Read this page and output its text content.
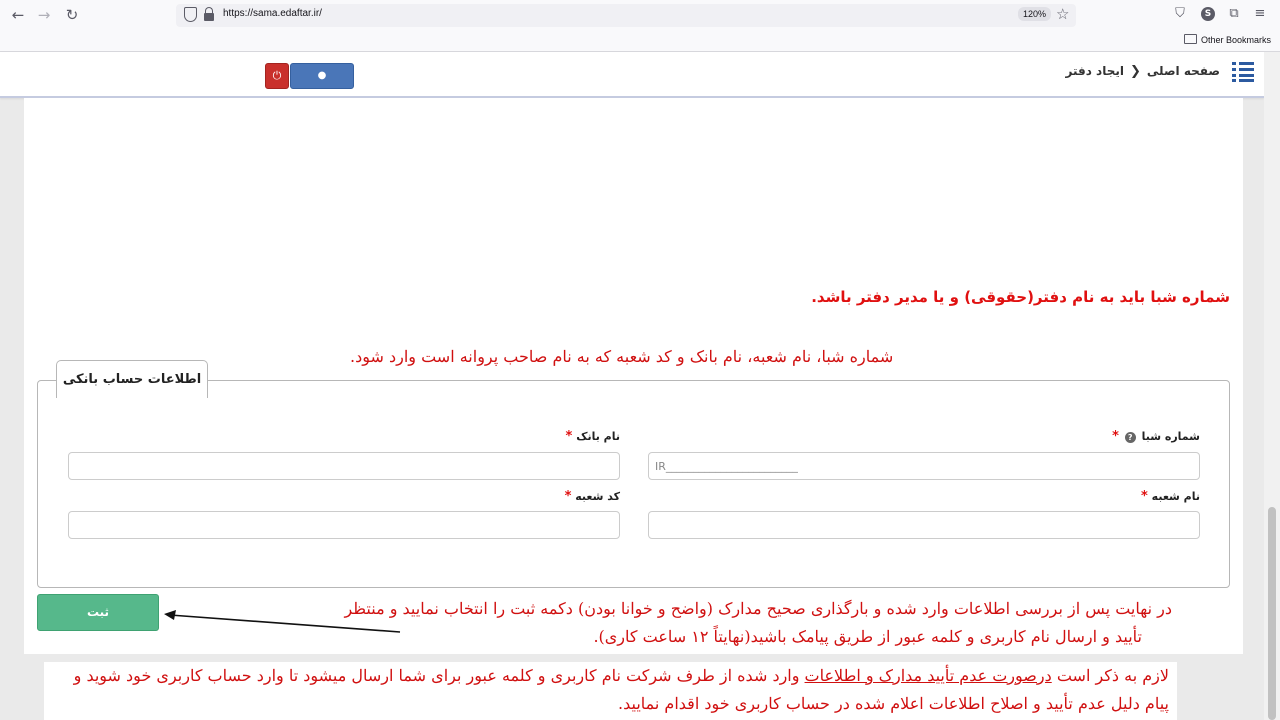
← → ↻	https://sama.edaftar.ir/	120% ☆	⛉	S ⧉ ≡
Other Bookmarks
صفحه اصلی❮ایجاد دفتر
⏻	●
شماره شبا باید به نام دفتر(حقوقی) و یا مدیر دفتر باشد.
شماره شبا، نام شعبه، نام بانک و کد شعبه که به نام صاحب پروانه است وارد شود.
اطلاعات حساب بانکی
شماره شبا ? *
IR________________________
نام بانک *
نام شعبه *
کد شعبه *
ثبت	در نهایت پس از بررسی اطلاعات وارد شده و بارگذاری صحیح مدارک (واضح و خوانا بودن) دکمه ثبت را انتخاب نمایید و منتظر
تأیید و ارسال نام کاربری و کلمه عبور از طریق پیامک باشید(نهایتاً ۱۲ ساعت کاری).
لازم به ذکر است درصورت عدم تأیید مدارک و اطلاعات وارد شده از طرف شرکت نام کاربری و کلمه عبور برای شما ارسال میشود تا وارد حساب کاربری خود شوید و پیام دلیل عدم تأیید و اصلاح اطلاعات اعلام شده در حساب کاربری خود اقدام نمایید.
